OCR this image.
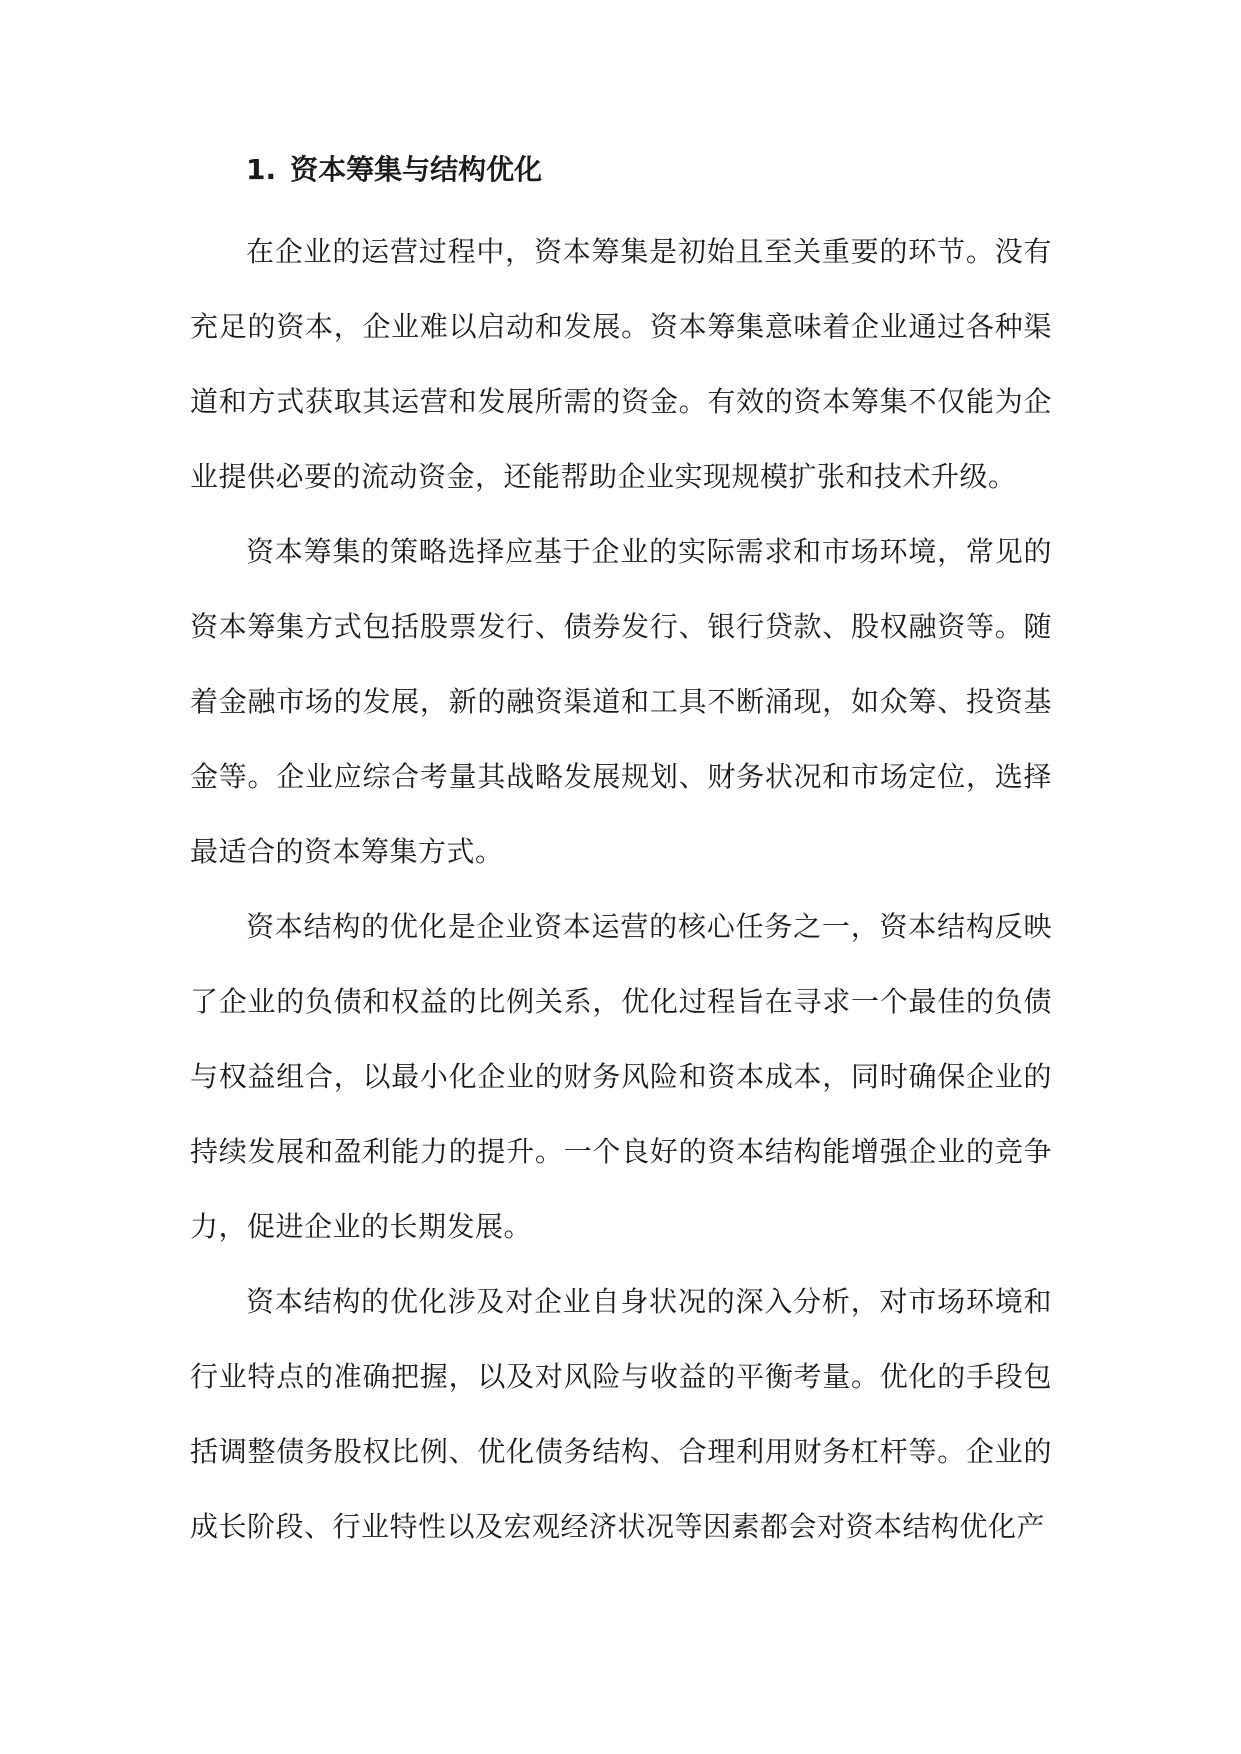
1. 资本筹集与结构优化

在企业的运营过程中，资本筹集是初始且至关重要的环节。没有充足的资本，企业难以启动和发展。资本筹集意味着企业通过各种渠道和方式获取其运营和发展所需的资金。有效的资本筹集不仅能为企业提供必要的流动资金，还能帮助企业实现规模扩张和技术升级。

资本筹集的策略选择应基于企业的实际需求和市场环境，常见的资本筹集方式包括股票发行、债券发行、银行贷款、股权融资等。随着金融市场的发展，新的融资渠道和工具不断涌现，如众筹、投资基金等。企业应综合考量其战略发展规划、财务状况和市场定位，选择最适合的资本筹集方式。

资本结构的优化是企业资本运营的核心任务之一，资本结构反映了企业的负债和权益的比例关系，优化过程旨在寻求一个最佳的负债与权益组合，以最小化企业的财务风险和资本成本，同时确保企业的持续发展和盈利能力的提升。一个良好的资本结构能增强企业的竞争力，促进企业的长期发展。

资本结构的优化涉及对企业自身状况的深入分析，对市场环境和行业特点的准确把握，以及对风险与收益的平衡考量。优化的手段包括调整债务股权比例、优化债务结构、合理利用财务杠杆等。企业的成长阶段、行业特性以及宏观经济状况等因素都会对资本结构优化产
